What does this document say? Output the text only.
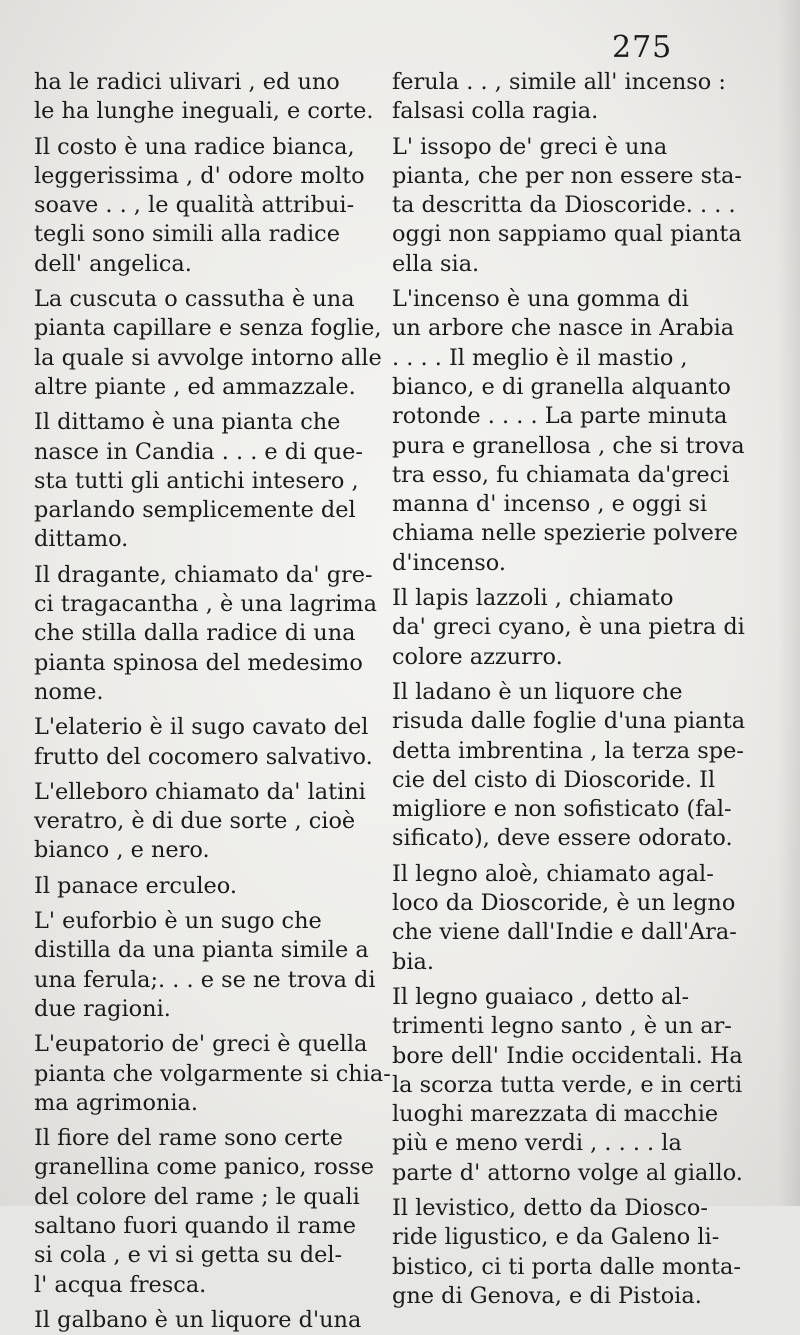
275
ha le radici ulivari , ed uno
le ha lunghe ineguali, e corte.
Il costo è una radice bianca,
leggerissima , d' odore molto
soave . . , le qualità attribui-
tegli sono simili alla radice
dell' angelica.
La cuscuta o cassutha è una
pianta capillare e senza foglie,
la quale si avvolge intorno alle
altre piante , ed ammazzale.
Il dittamo è una pianta che
nasce in Candia . . . e di que-
sta tutti gli antichi intesero ,
parlando semplicemente del
dittamo.
Il dragante, chiamato da' gre-
ci tragacantha , è una lagrima
che stilla dalla radice di una
pianta spinosa del medesimo
nome.
L'elaterio è il sugo cavato del
frutto del cocomero salvativo.
L'elleboro chiamato da' latini
veratro, è di due sorte , cioè
bianco , e nero.
Il panace erculeo.
L' euforbio è un sugo che
distilla da una pianta simile a
una ferula;. . . e se ne trova di
due ragioni.
L'eupatorio de' greci è quella
pianta che volgarmente si chia-
ma agrimonia.
Il fiore del rame sono certe
granellina come panico, rosse
del colore del rame ; le quali
saltano fuori quando il rame
si cola , e vi si getta su del-
l' acqua fresca.
Il galbano è un liquore d'una
ferula . . , simile all' incenso :
falsasi colla ragia.
L' issopo de' greci è una
pianta, che per non essere sta-
ta descritta da Dioscoride. . . .
oggi non sappiamo qual pianta
ella sia.
L'incenso è una gomma di
un arbore che nasce in Arabia
. . . . Il meglio è il mastio ,
bianco, e di granella alquanto
rotonde . . . . La parte minuta
pura e granellosa , che si trova
tra esso, fu chiamata da'greci
manna d' incenso , e oggi si
chiama nelle spezierie polvere
d'incenso.
Il lapis lazzoli , chiamato
da' greci cyano, è una pietra di
colore azzurro.
Il ladano è un liquore che
risuda dalle foglie d'una pianta
detta imbrentina , la terza spe-
cie del cisto di Dioscoride. Il
migliore e non sofisticato (fal-
sificato), deve essere odorato.
Il legno aloè, chiamato agal-
loco da Dioscoride, è un legno
che viene dall'Indie e dall'Ara-
bia.
Il legno guaiaco , detto al-
trimenti legno santo , è un ar-
bore dell' Indie occidentali. Ha
la scorza tutta verde, e in certi
luoghi marezzata di macchie
più e meno verdi , . . . . la
parte d' attorno volge al giallo.
Il levistico, detto da Diosco-
ride ligustico, e da Galeno li-
bistico, ci ti porta dalle monta-
gne di Genova, e di Pistoia.
